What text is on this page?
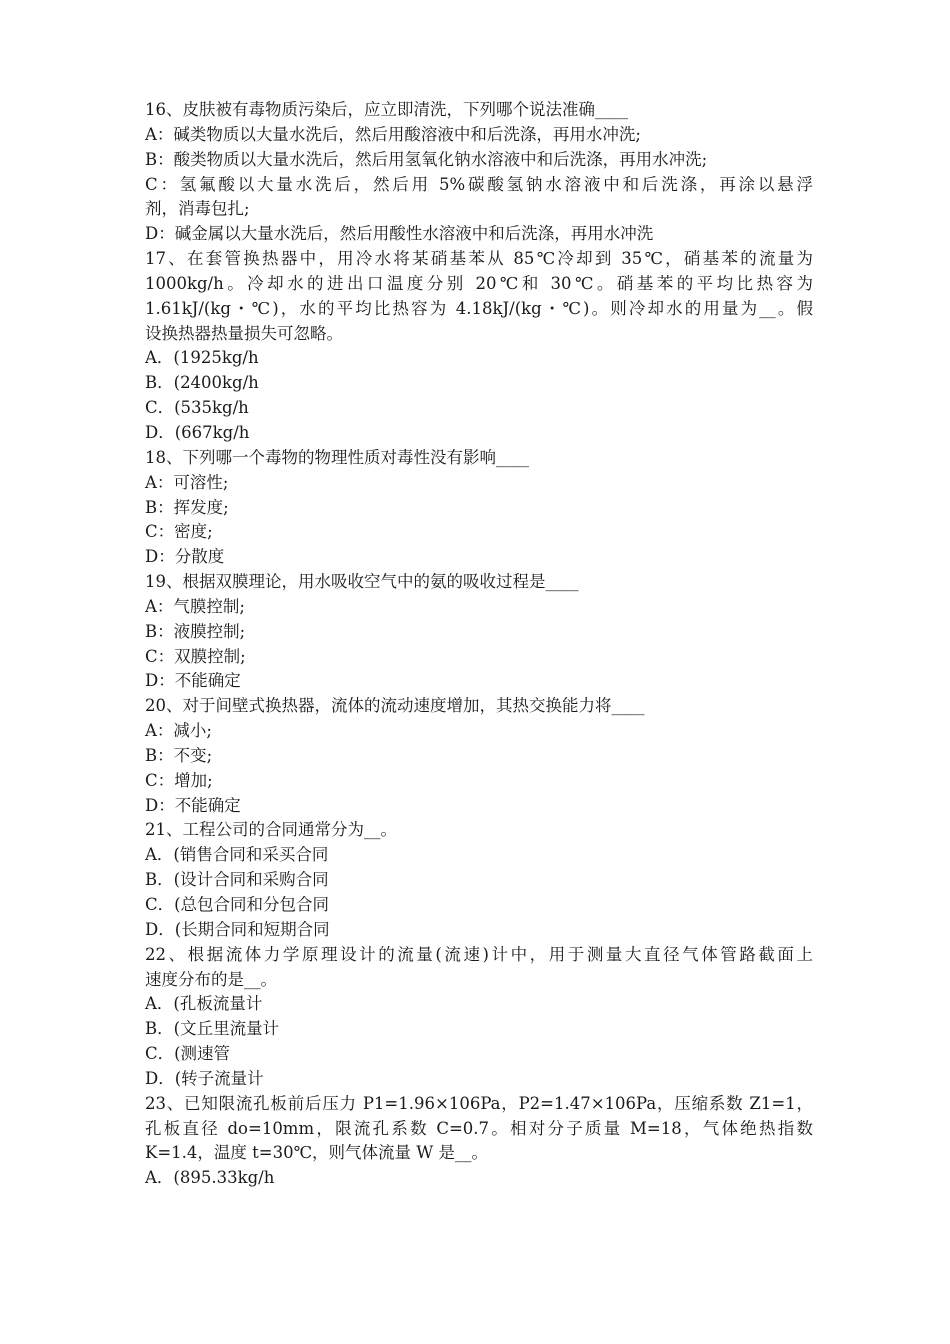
16、皮肤被有毒物质污染后，应立即清洗，下列哪个说法准确____
A：碱类物质以大量水洗后，然后用酸溶液中和后洗涤，再用水冲洗;
B：酸类物质以大量水洗后，然后用氢氧化钠水溶液中和后洗涤，再用水冲洗;
C：氢氟酸以大量水洗后，然后用 5%碳酸氢钠水溶液中和后洗涤，再涂以悬浮
剂，消毒包扎;
D：碱金属以大量水洗后，然后用酸性水溶液中和后洗涤，再用水冲洗
17、在套管换热器中，用冷水将某硝基苯从 85℃冷却到 35℃，硝基苯的流量为
1000kg/h。冷却水的进出口温度分别 20℃和 30℃。硝基苯的平均比热容为
1.61kJ/(kg・℃)，水的平均比热容为 4.18kJ/(kg・℃)。则冷却水的用量为__。假
设换热器热量损失可忽略。
A．(1925kg/h
B．(2400kg/h
C．(535kg/h
D．(667kg/h
18、下列哪一个毒物的物理性质对毒性没有影响____
A：可溶性;
B：挥发度;
C：密度;
D：分散度
19、根据双膜理论，用水吸收空气中的氨的吸收过程是____
A：气膜控制;
B：液膜控制;
C：双膜控制;
D：不能确定
20、对于间壁式换热器，流体的流动速度增加，其热交换能力将____
A：减小;
B：不变;
C：增加;
D：不能确定
21、工程公司的合同通常分为__。
A．(销售合同和采买合同
B．(设计合同和采购合同
C．(总包合同和分包合同
D．(长期合同和短期合同
22、根据流体力学原理设计的流量(流速)计中，用于测量大直径气体管路截面上
速度分布的是__。
A．(孔板流量计
B．(文丘里流量计
C．(测速管
D．(转子流量计
23、已知限流孔板前后压力 P1=1.96×106Pa，P2=1.47×106Pa，压缩系数 Z1=1，
孔板直径 do=10mm，限流孔系数 C=0.7。相对分子质量 M=18，气体绝热指数
K=1.4，温度 t=30℃，则气体流量 W 是__。
A．(895.33kg/h
